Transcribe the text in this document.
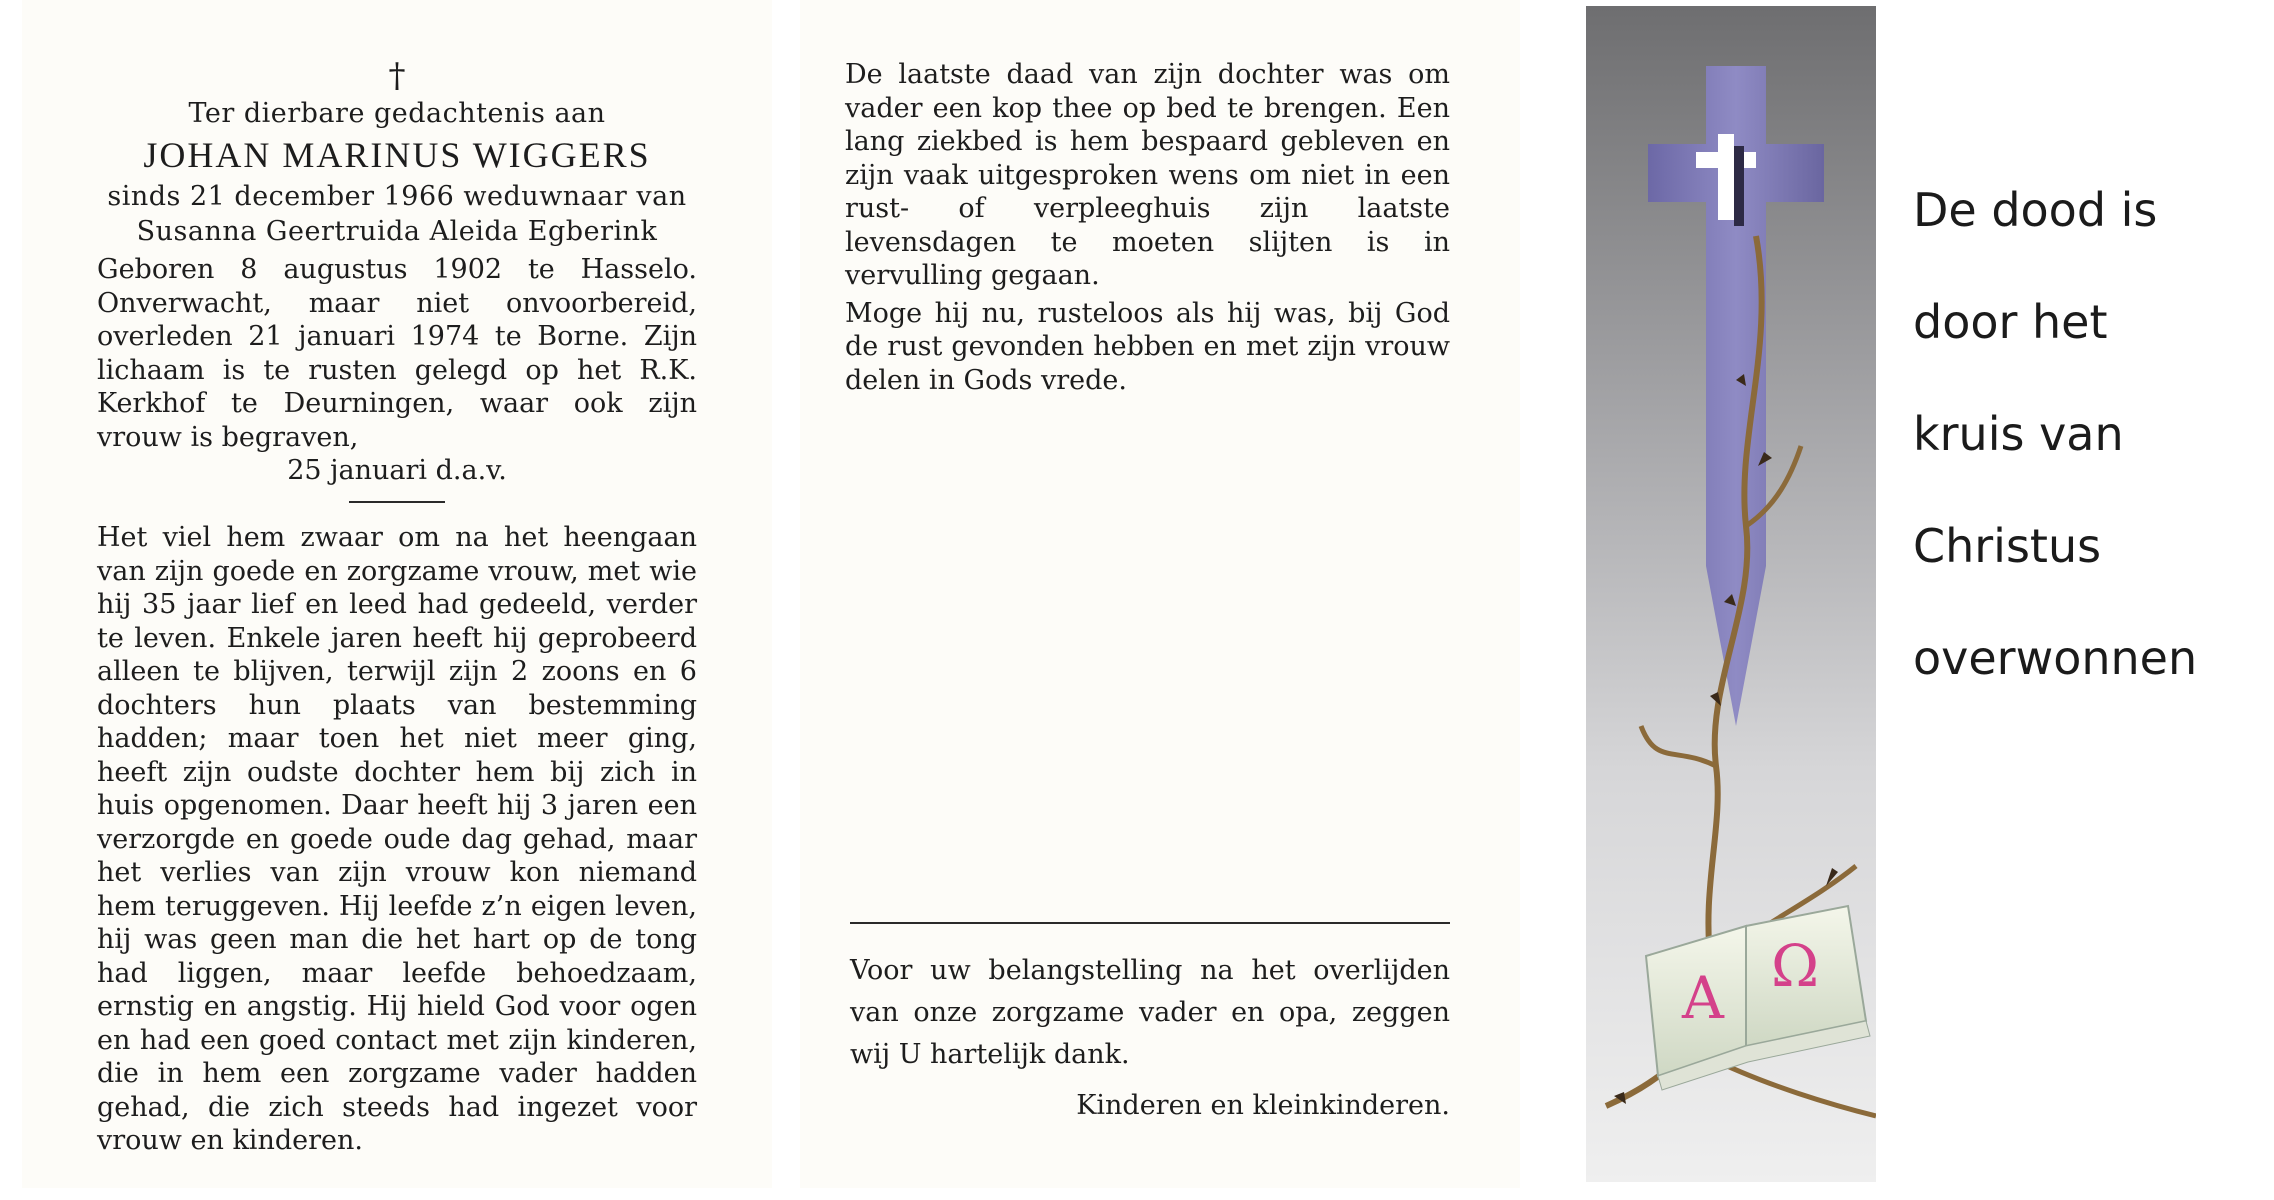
†
Ter dierbare gedachtenis aan
JOHAN MARINUS WIGGERS
sinds 21 december 1966 weduwnaar van
Susanna Geertruida Aleida Egberink
Geboren 8 augustus 1902 te Hasselo. Onverwacht, maar niet onvoorbereid, overleden 21 januari 1974 te Borne. Zijn lichaam is te rusten gelegd op het R.K. Kerkhof te Deurningen, waar ook zijn vrouw is begraven,
25 januari d.a.v.
Het viel hem zwaar om na het heengaan van zijn goede en zorgzame vrouw, met wie hij 35 jaar lief en leed had gedeeld, verder te leven. Enkele jaren heeft hij geprobeerd alleen te blijven, terwijl zijn 2 zoons en 6 dochters hun plaats van bestemming hadden; maar toen het niet meer ging, heeft zijn oudste dochter hem bij zich in huis opgenomen. Daar heeft hij 3 jaren een verzorgde en goede oude dag gehad, maar het verlies van zijn vrouw kon niemand hem teruggeven. Hij leefde z’n eigen leven, hij was geen man die het hart op de tong had liggen, maar leefde behoedzaam, ernstig en angstig. Hij hield God voor ogen en had een goed contact met zijn kinderen, die in hem een zorgzame vader hadden gehad, die zich steeds had ingezet voor vrouw en kinderen.
De laatste daad van zijn dochter was om vader een kop thee op bed te brengen. Een lang ziekbed is hem bespaard gebleven en zijn vaak uitgesproken wens om niet in een rust- of verpleeghuis zijn laatste levensdagen te moeten slijten is in vervulling gegaan.
Moge hij nu, rusteloos als hij was, bij God de rust gevonden hebben en met zijn vrouw delen in Gods vrede.
Voor uw belangstelling na het overlijden van onze zorgzame vader en opa, zeggen wij U hartelijk dank.
Kinderen en kleinkinderen.
A Ω
De dood is
door het
kruis van
Christus
overwonnen
